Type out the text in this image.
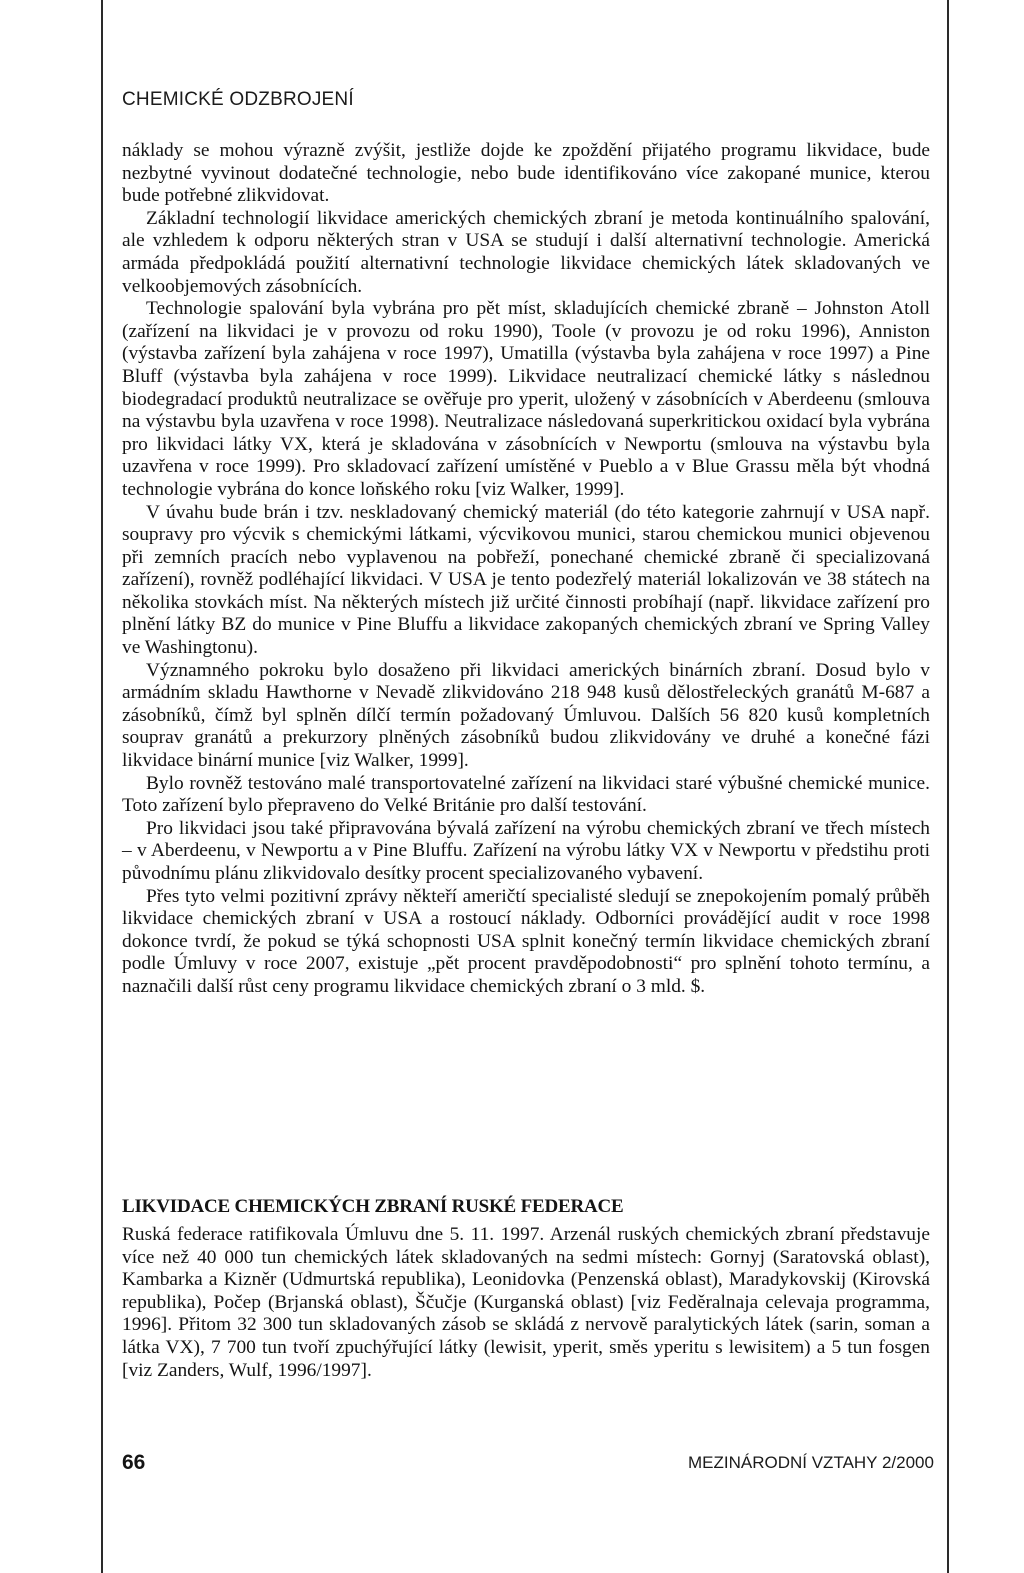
CHEMICKÉ ODZBROJENÍ

náklady se mohou výrazně zvýšit, jestliže dojde ke zpoždění přijatého programu likvidace, bude nezbytné vyvinout dodatečné technologie, nebo bude identifikováno více zakopané munice, kterou bude potřebné zlikvidovat.

Základní technologií likvidace amerických chemických zbraní je metoda kontinuálního spalování, ale vzhledem k odporu některých stran v USA se studují i další alternativní technologie. Americká armáda předpokládá použití alternativní technologie likvidace chemických látek skladovaných ve velkoobjemových zásobnících.

Technologie spalování byla vybrána pro pět míst, skladujících chemické zbraně – Johnston Atoll (zařízení na likvidaci je v provozu od roku 1990), Toole (v provozu je od roku 1996), Anniston (výstavba zařízení byla zahájena v roce 1997), Umatilla (výstavba byla zahájena v roce 1997) a Pine Bluff (výstavba byla zahájena v roce 1999). Likvidace neutralizací chemické látky s následnou biodegradací produktů neutralizace se ověřuje pro yperit, uložený v zásobnících v Aberdeenu (smlouva na výstavbu byla uzavřena v roce 1998). Neutralizace následovaná superkritickou oxidací byla vybrána pro likvidaci látky VX, která je skladována v zásobnících v Newportu (smlouva na výstavbu byla uzavřena v roce 1999). Pro skladovací zařízení umístěné v Pueblo a v Blue Grassu měla být vhodná technologie vybrána do konce loňského roku [viz Walker, 1999].

V úvahu bude brán i tzv. neskladovaný chemický materiál (do této kategorie zahrnují v USA např. soupravy pro výcvik s chemickými látkami, výcvikovou munici, starou chemickou munici objevenou při zemních pracích nebo vyplavenou na pobřeží, ponechané chemické zbraně či specializovaná zařízení), rovněž podléhající likvidaci. V USA je tento podezřelý materiál lokalizován ve 38 státech na několika stovkách míst. Na některých místech již určité činnosti probíhají (např. likvidace zařízení pro plnění látky BZ do munice v Pine Bluffu a likvidace zakopaných chemických zbraní ve Spring Valley ve Washingtonu).

Významného pokroku bylo dosaženo při likvidaci amerických binárních zbraní. Dosud bylo v armádním skladu Hawthorne v Nevadě zlikvidováno 218 948 kusů dělostřeleckých granátů M-687 a zásobníků, čímž byl splněn dílčí termín požadovaný Úmluvou. Dalších 56 820 kusů kompletních souprav granátů a prekurzory plněných zásobníků budou zlikvidovány ve druhé a konečné fázi likvidace binární munice [viz Walker, 1999].

Bylo rovněž testováno malé transportovatelné zařízení na likvidaci staré výbušné chemické munice. Toto zařízení bylo přepraveno do Velké Británie pro další testování.

Pro likvidaci jsou také připravována bývalá zařízení na výrobu chemických zbraní ve třech místech – v Aberdeenu, v Newportu a v Pine Bluffu. Zařízení na výrobu látky VX v Newportu v předstihu proti původnímu plánu zlikvidovalo desítky procent specializovaného vybavení.

Přes tyto velmi pozitivní zprávy někteří američtí specialisté sledují se znepokojením pomalý průběh likvidace chemických zbraní v USA a rostoucí náklady. Odborníci provádějící audit v roce 1998 dokonce tvrdí, že pokud se týká schopnosti USA splnit konečný termín likvidace chemických zbraní podle Úmluvy v roce 2007, existuje „pět procent pravděpodobnosti“ pro splnění tohoto termínu, a naznačili další růst ceny programu likvidace chemických zbraní o 3 mld. $.

LIKVIDACE CHEMICKÝCH ZBRANÍ RUSKÉ FEDERACE

Ruská federace ratifikovala Úmluvu dne 5. 11. 1997. Arzenál ruských chemických zbraní představuje více než 40 000 tun chemických látek skladovaných na sedmi místech: Gornyj (Saratovská oblast), Kambarka a Kizněr (Udmurtská republika), Leonidovka (Penzenská oblast), Maradykovskij (Kirovská republika), Počep (Brjanská oblast), Ščučje (Kurganská oblast) [viz Feděralnaja celevaja programma, 1996]. Přitom 32 300 tun skladovaných zásob se skládá z nervově paralytických látek (sarin, soman a látka VX), 7 700 tun tvoří zpuchýřující látky (lewisit, yperit, směs yperitu s lewisitem) a 5 tun fosgen [viz Zanders, Wulf, 1996/1997].

66	MEZINÁRODNÍ VZTAHY 2/2000
